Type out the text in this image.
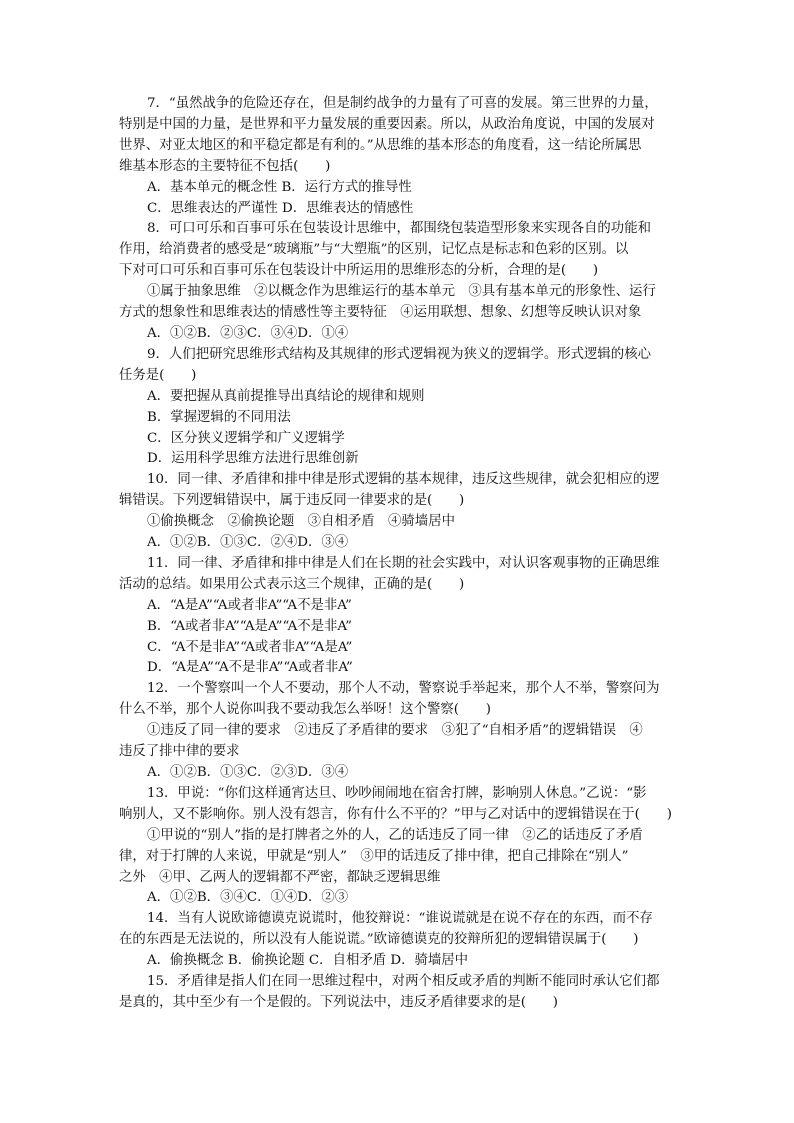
7．“虽然战争的危险还存在，但是制约战争的力量有了可喜的发展。第三世界的力量，
特别是中国的力量，是世界和平力量发展的重要因素。所以，从政治角度说，中国的发展对
世界、对亚太地区的和平稳定都是有利的。”从思维的基本形态的角度看，这一结论所属思
维基本形态的主要特征不包括(　　)
A．基本单元的概念性 B．运行方式的推导性
C．思维表达的严谨性 D．思维表达的情感性
8．可口可乐和百事可乐在包装设计思维中，都围绕包装造型形象来实现各自的功能和
作用，给消费者的感受是“玻璃瓶”与“大塑瓶”的区别，记忆点是标志和色彩的区别。以
下对可口可乐和百事可乐在包装设计中所运用的思维形态的分析，合理的是(　　)
①属于抽象思维　②以概念作为思维运行的基本单元　③具有基本单元的形象性、运行
方式的想象性和思维表达的情感性等主要特征　④运用联想、想象、幻想等反映认识对象
A．①②B．②③C．③④D．①④
9．人们把研究思维形式结构及其规律的形式逻辑视为狭义的逻辑学。形式逻辑的核心
任务是(　　)
A．要把握从真前提推导出真结论的规律和规则
B．掌握逻辑的不同用法
C．区分狭义逻辑学和广义逻辑学
D．运用科学思维方法进行思维创新
10．同一律、矛盾律和排中律是形式逻辑的基本规律，违反这些规律，就会犯相应的逻
辑错误。下列逻辑错误中，属于违反同一律要求的是(　　)
①偷换概念　②偷换论题　③自相矛盾　④骑墙居中
A．①②B．①③C．②④D．③④
11．同一律、矛盾律和排中律是人们在长期的社会实践中，对认识客观事物的正确思维
活动的总结。如果用公式表示这三个规律，正确的是(　　)
A．“A是A”“A或者非A”“A不是非A”
B．“A或者非A”“A是A”“A不是非A”
C．“A不是非A”“A或者非A”“A是A”
D．“A是A”“A不是非A”“A或者非A”
12．一个警察叫一个人不要动，那个人不动，警察说手举起来，那个人不举，警察问为
什么不举，那个人说你叫我不要动我怎么举呀！这个警察(　　)
①违反了同一律的要求　②违反了矛盾律的要求　③犯了“自相矛盾”的逻辑错误　④
违反了排中律的要求
A．①②B．①③C．②③D．③④
13．甲说：“你们这样通宵达旦、吵吵闹闹地在宿舍打牌，影响别人休息。”乙说：“影
响别人，又不影响你。别人没有怨言，你有什么不平的？”甲与乙对话中的逻辑错误在于(　　)
①甲说的“别人”指的是打牌者之外的人，乙的话违反了同一律　②乙的话违反了矛盾
律，对于打牌的人来说，甲就是“别人”　③甲的话违反了排中律，把自己排除在“别人”
之外　④甲、乙两人的逻辑都不严密，都缺乏逻辑思维
A．①②B．③④C．①④D．②③
14．当有人说欧谛德谟克说谎时，他狡辩说：“谁说谎就是在说不存在的东西，而不存
在的东西是无法说的，所以没有人能说谎。”欧谛德谟克的狡辩所犯的逻辑错误属于(　　)
A．偷换概念 B．偷换论题 C．自相矛盾 D．骑墙居中
15．矛盾律是指人们在同一思维过程中，对两个相反或矛盾的判断不能同时承认它们都
是真的，其中至少有一个是假的。下列说法中，违反矛盾律要求的是(　　)
